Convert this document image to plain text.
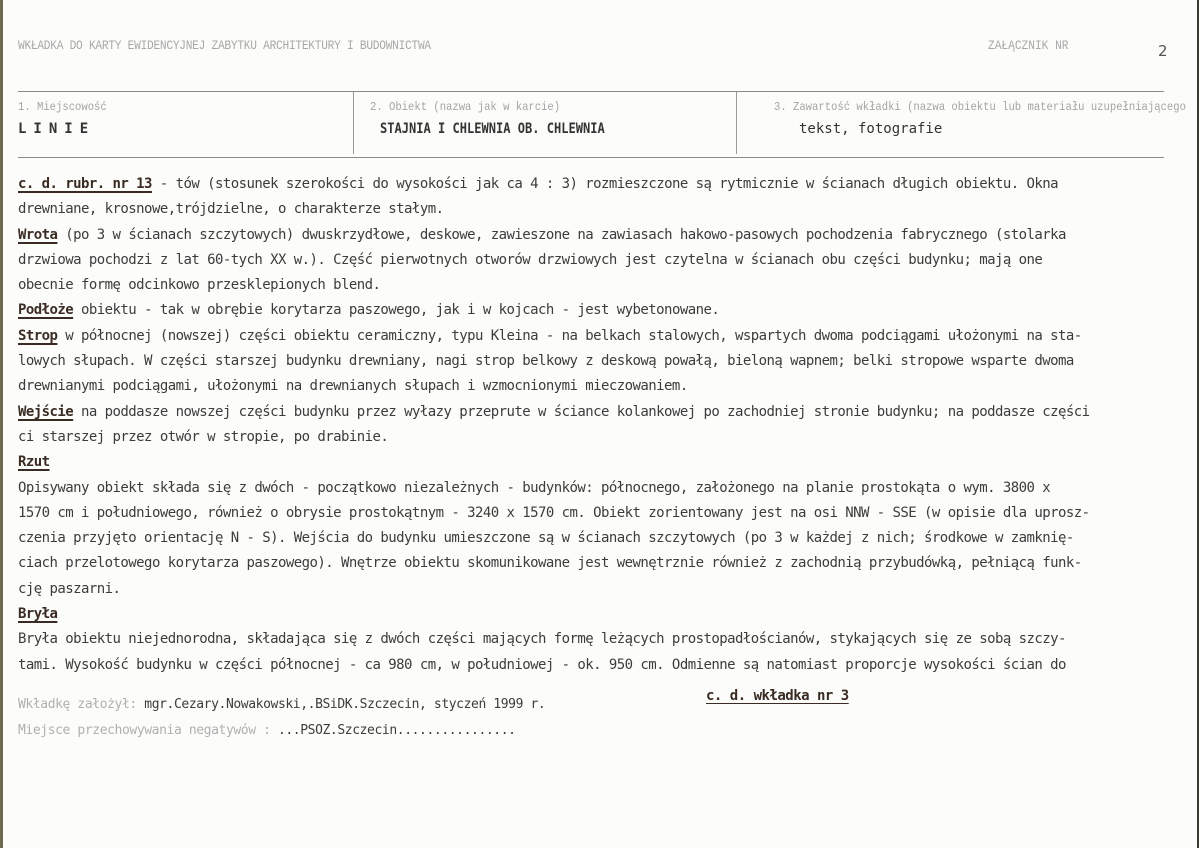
WKŁADKA DO KARTY EWIDENCYJNEJ ZABYTKU ARCHITEKTURY I BUDOWNICTWA	ZAŁĄCZNIK NR	2
1. Miejscowość
LINIE
2. Obiekt (nazwa jak w karcie)
STAJNIA I CHLEWNIA OB. CHLEWNIA
3. Zawartość wkładki (nazwa obiektu lub materiału uzupełniającego
tekst, fotografie
c. d. rubr. nr 13 - tów (stosunek szerokości do wysokości jak ca 4 : 3) rozmieszczone są rytmicznie w ścianach długich obiektu. Okna
drewniane, krosnowe,trójdzielne, o charakterze stałym.
Wrota (po 3 w ścianach szczytowych) dwuskrzydłowe, deskowe, zawieszone na zawiasach hakowo-pasowych pochodzenia fabrycznego (stolarka
drzwiowa pochodzi z lat 60-tych XX w.). Część pierwotnych otworów drzwiowych jest czytelna w ścianach obu części budynku; mają one
obecnie formę odcinkowo przesklepionych blend.
Podłoże obiektu - tak w obrębie korytarza paszowego, jak i w kojcach - jest wybetonowane.
Strop w północnej (nowszej) części obiektu ceramiczny, typu Kleina - na belkach stalowych, wspartych dwoma podciągami ułożonymi na sta-
lowych słupach. W części starszej budynku drewniany, nagi strop belkowy z deskową powałą, bieloną wapnem; belki stropowe wsparte dwoma
drewnianymi podciągami, ułożonymi na drewnianych słupach i wzmocnionymi mieczowaniem.
Wejście na poddasze nowszej części budynku przez wyłazy przeprute w ściance kolankowej po zachodniej stronie budynku; na poddasze części
ci starszej przez otwór w stropie, po drabinie.
Rzut
Opisywany obiekt składa się z dwóch - początkowo niezależnych - budynków: północnego, założonego na planie prostokąta o wym. 3800 x
1570 cm i południowego, również o obrysie prostokątnym - 3240 x 1570 cm. Obiekt zorientowany jest na osi NNW - SSE (w opisie dla uprosz-
czenia przyjęto orientację N - S). Wejścia do budynku umieszczone są w ścianach szczytowych (po 3 w każdej z nich; środkowe w zamknię-
ciach przelotowego korytarza paszowego). Wnętrze obiektu skomunikowane jest wewnętrznie również z zachodnią przybudówką, pełniącą funk-
cję paszarni.
Bryła
Bryła obiektu niejednorodna, składająca się z dwóch części mających formę leżących prostopadłościanów, stykających się ze sobą szczy-
tami. Wysokość budynku w części północnej - ca 980 cm, w południowej - ok. 950 cm. Odmienne są natomiast proporcje wysokości ścian do
c. d. wkładka nr 3
Wkładkę założył: mgr.Cezary.Nowakowski,.BSiDK.Szczecin, styczeń 1999 r.
Miejsce przechowywania negatywów : ...PSOZ.Szczecin................
